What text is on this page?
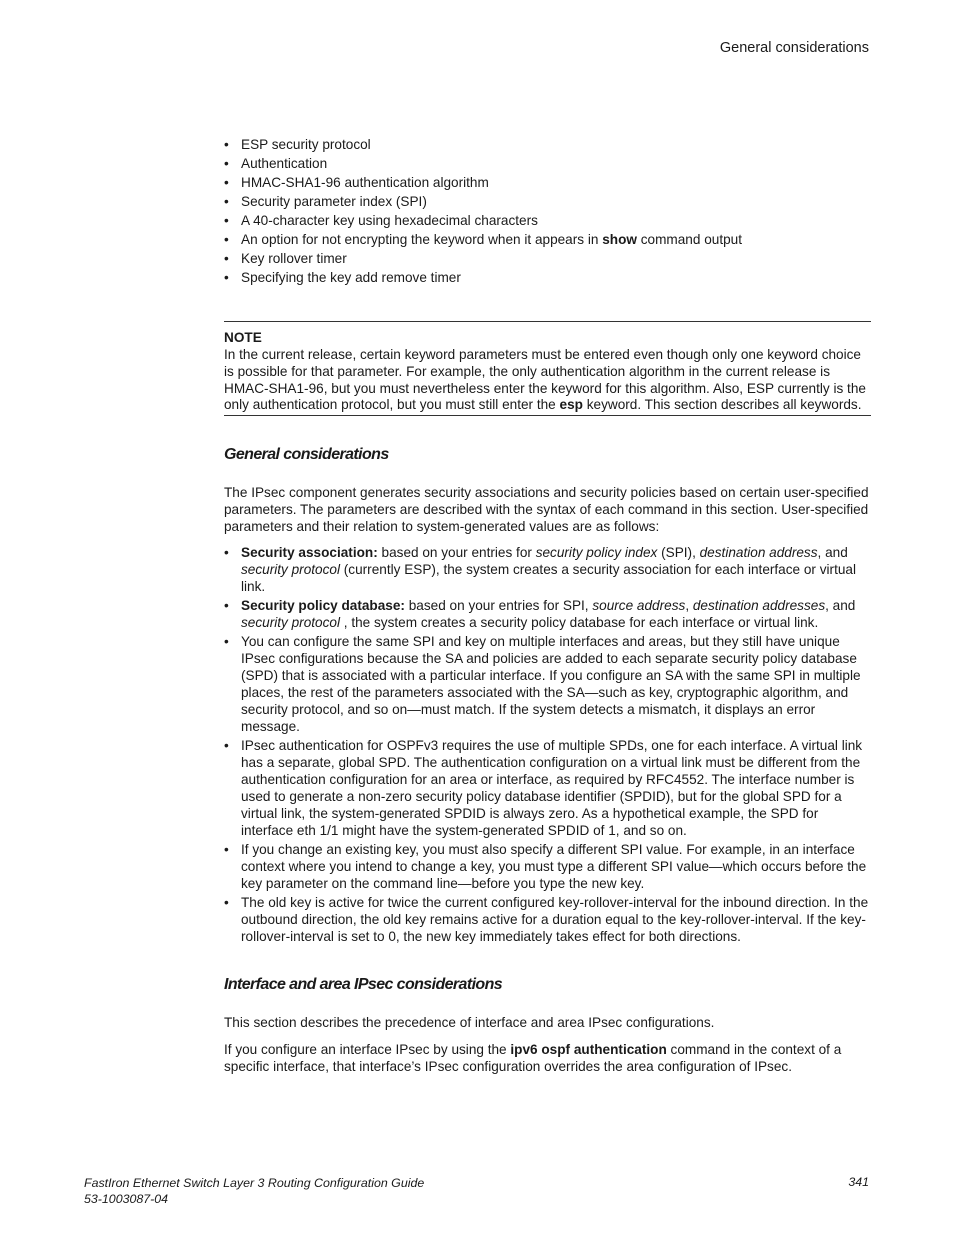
General considerations
• ESP security protocol
• Authentication
• HMAC-SHA1-96 authentication algorithm
• Security parameter index (SPI)
• A 40-character key using hexadecimal characters
• An option for not encrypting the keyword when it appears in show command output
• Key rollover timer
• Specifying the key add remove timer
NOTE
In the current release, certain keyword parameters must be entered even though only one keyword choice is possible for that parameter. For example, the only authentication algorithm in the current release is HMAC-SHA1-96, but you must nevertheless enter the keyword for this algorithm. Also, ESP currently is the only authentication protocol, but you must still enter the esp keyword. This section describes all keywords.
General considerations

The IPsec component generates security associations and security policies based on certain user-specified parameters. The parameters are described with the syntax of each command in this section. User-specified parameters and their relation to system-generated values are as follows:

• Security association: based on your entries for security policy index (SPI), destination address, and security protocol (currently ESP), the system creates a security association for each interface or virtual link.
• Security policy database: based on your entries for SPI, source address, destination addresses, and security protocol , the system creates a security policy database for each interface or virtual link.
• You can configure the same SPI and key on multiple interfaces and areas, but they still have unique IPsec configurations because the SA and policies are added to each separate security policy database (SPD) that is associated with a particular interface. If you configure an SA with the same SPI in multiple places, the rest of the parameters associated with the SA—such as key, cryptographic algorithm, and security protocol, and so on—must match. If the system detects a mismatch, it displays an error message.
• IPsec authentication for OSPFv3 requires the use of multiple SPDs, one for each interface. A virtual link has a separate, global SPD. The authentication configuration on a virtual link must be different from the authentication configuration for an area or interface, as required by RFC4552. The interface number is used to generate a non-zero security policy database identifier (SPDID), but for the global SPD for a virtual link, the system-generated SPDID is always zero. As a hypothetical example, the SPD for interface eth 1/1 might have the system-generated SPDID of 1, and so on.
• If you change an existing key, you must also specify a different SPI value. For example, in an interface context where you intend to change a key, you must type a different SPI value—which occurs before the key parameter on the command line—before you type the new key.
• The old key is active for twice the current configured key-rollover-interval for the inbound direction. In the outbound direction, the old key remains active for a duration equal to the key-rollover-interval. If the key-rollover-interval is set to 0, the new key immediately takes effect for both directions.
Interface and area IPsec considerations

This section describes the precedence of interface and area IPsec configurations.

If you configure an interface IPsec by using the ipv6 ospf authentication command in the context of a specific interface, that interface’s IPsec configuration overrides the area configuration of IPsec.

FastIron Ethernet Switch Layer 3 Routing Configuration Guide
53-1003087-04
341
